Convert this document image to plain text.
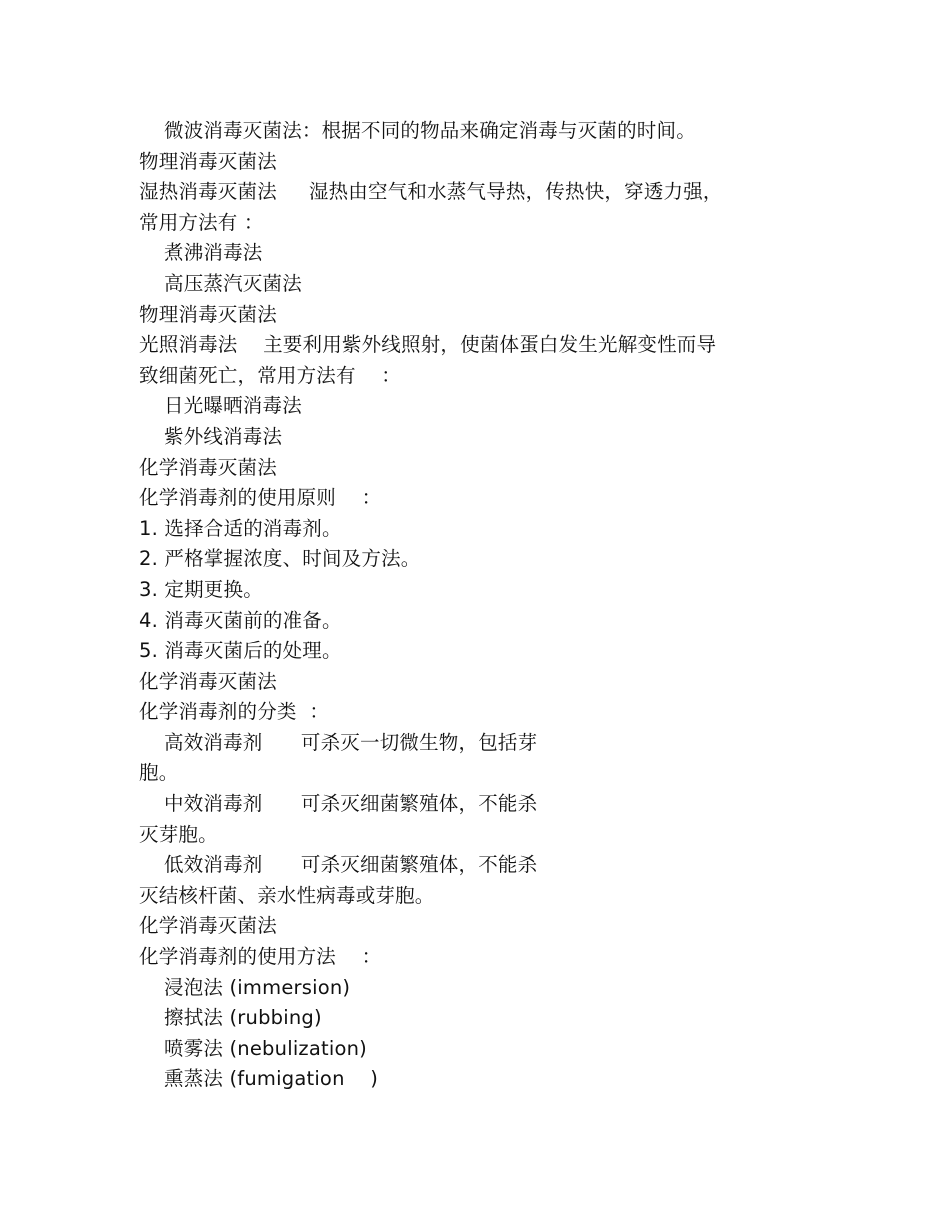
微波消毒灭菌法：根据不同的物品来确定消毒与灭菌的时间。
物理消毒灭菌法
湿热消毒灭菌法     湿热由空气和水蒸气导热，传热快，穿透力强，
常用方法有 ：
煮沸消毒法
高压蒸汽灭菌法
物理消毒灭菌法
光照消毒法    主要利用紫外线照射，使菌体蛋白发生光解变性而导
致细菌死亡，常用方法有    ：
日光曝晒消毒法
紫外线消毒法
化学消毒灭菌法
化学消毒剂的使用原则    ：
1. 选择合适的消毒剂。
2. 严格掌握浓度、时间及方法。
3. 定期更换。
4. 消毒灭菌前的准备。
5. 消毒灭菌后的处理。
化学消毒灭菌法
化学消毒剂的分类  ：
高效消毒剂      可杀灭一切微生物，包括芽
胞。
中效消毒剂      可杀灭细菌繁殖体，不能杀
灭芽胞。
低效消毒剂      可杀灭细菌繁殖体，不能杀
灭结核杆菌、亲水性病毒或芽胞。
化学消毒灭菌法
化学消毒剂的使用方法    ：
浸泡法 (immersion)
擦拭法 (rubbing)
喷雾法 (nebulization)
熏蒸法 (fumigation    )
